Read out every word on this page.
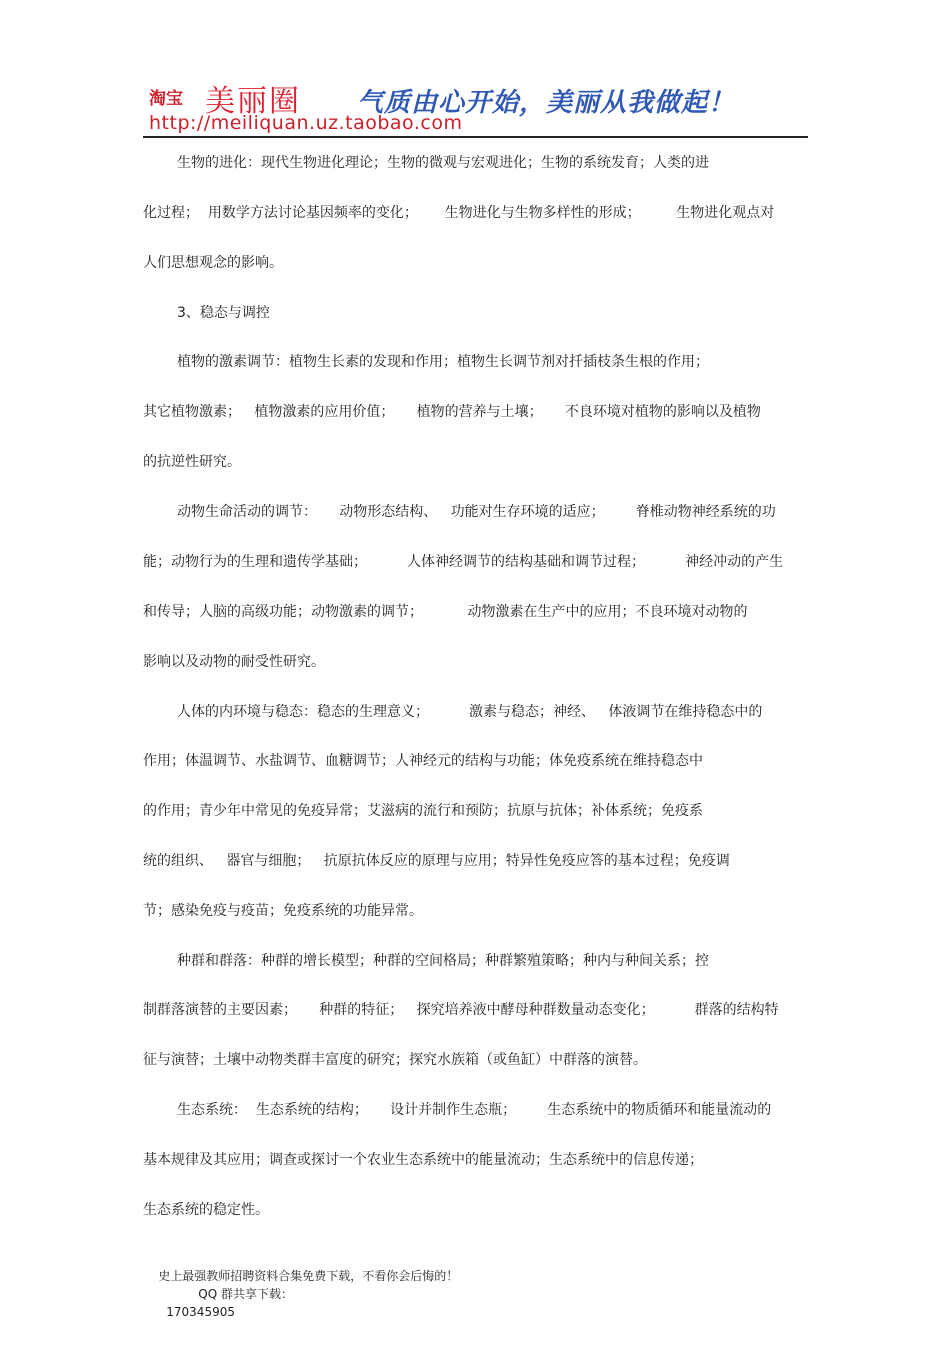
淘宝 美丽圈 气质由心开始，美丽从我做起！
http://meiliquan.uz.taobao.com
生物的进化：现代生物进化理论；生物的微观与宏观进化；生物的系统发育；人类的进
化过程；  用数学方法讨论基因频率的变化；      生物进化与生物多样性的形成；        生物进化观点对
人们思想观念的影响。
3、稳态与调控
植物的激素调节：植物生长素的发现和作用；植物生长调节剂对扦插枝条生根的作用；
其它植物激素；   植物激素的应用价值；     植物的营养与土壤；     不良环境对植物的影响以及植物
的抗逆性研究。
动物生命活动的调节：     动物形态结构、   功能对生存环境的适应；       脊椎动物神经系统的功
能；动物行为的生理和遗传学基础；         人体神经调节的结构基础和调节过程；         神经冲动的产生
和传导；人脑的高级功能；动物激素的调节；          动物激素在生产中的应用；不良环境对动物的
影响以及动物的耐受性研究。
人体的内环境与稳态：稳态的生理意义；         激素与稳态；神经、   体液调节在维持稳态中的
作用；体温调节、水盐调节、血糖调节；人神经元的结构与功能；体免疫系统在维持稳态中
的作用；青少年中常见的免疫异常；艾滋病的流行和预防；抗原与抗体；补体系统；免疫系
统的组织、   器官与细胞；   抗原抗体反应的原理与应用；特异性免疫应答的基本过程；免疫调
节；感染免疫与疫苗；免疫系统的功能异常。
种群和群落：种群的增长模型；种群的空间格局；种群繁殖策略；种内与种间关系；控
制群落演替的主要因素；     种群的特征；   探究培养液中酵母种群数量动态变化；         群落的结构特
征与演替；土壤中动物类群丰富度的研究；探究水族箱（或鱼缸）中群落的演替。
生态系统：  生态系统的结构；     设计并制作生态瓶；       生态系统中的物质循环和能量流动的
基本规律及其应用；调查或探讨一个农业生态系统中的能量流动；生态系统中的信息传递；
生态系统的稳定性。

史上最强教师招聘资料合集免费下载，不看你会后悔的！
QQ 群共享下载：
170345905
